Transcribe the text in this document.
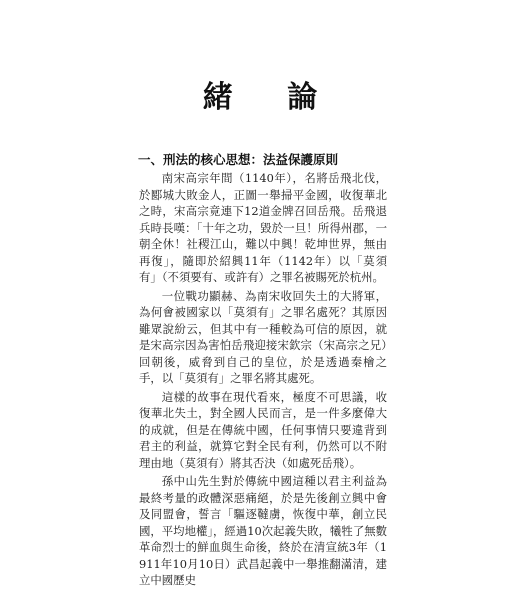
緒 論
一、刑法的核心思想：法益保護原則

南宋高宗年間（1140年），名將岳飛北伐，於郾城大敗金人，正圖一舉掃平金國，收復華北之時，宋高宗竟連下12道金牌召回岳飛。岳飛退兵時長嘆：「十年之功，毀於一旦！所得州郡，一朝全休！社稷江山，難以中興！乾坤世界，無由再復」，隨即於紹興11年（1142年）以「莫須有」（不須要有、或許有）之罪名被賜死於杭州。

一位戰功顯赫、為南宋收回失土的大將軍，為何會被國家以「莫須有」之罪名處死？其原因雖眾說紛云，但其中有一種較為可信的原因，就是宋高宗因為害怕岳飛迎接宋欽宗（宋高宗之兄）回朝後，威脅到自己的皇位，於是透過秦檜之手，以「莫須有」之罪名將其處死。

這樣的故事在現代看來，極度不可思議，收復華北失土，對全國人民而言，是一件多麼偉大的成就，但是在傳統中國，任何事情只要違背到君主的利益，就算它對全民有利，仍然可以不附理由地（莫須有）將其否決（如處死岳飛）。

孫中山先生對於傳統中國這種以君主利益為最終考量的政體深惡痛絕，於是先後創立興中會及同盟會，誓言「驅逐韃虜，恢復中華，創立民國，平均地權」，經過10次起義失敗，犧牲了無數革命烈士的鮮血與生命後，終於在清宣統3年（1911年10月10日）武昌起義中一舉推翻滿清，建立中國歷史
